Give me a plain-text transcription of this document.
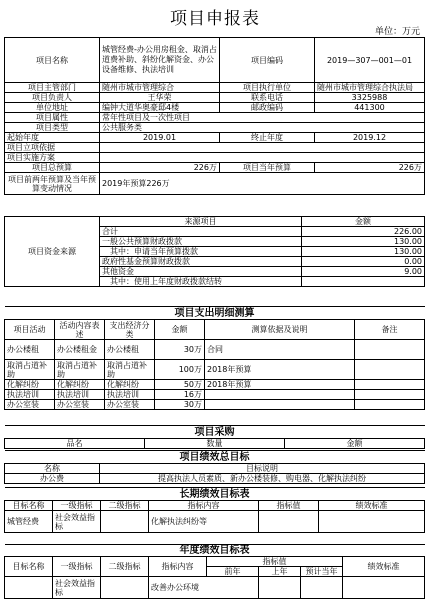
项目申报表
单位：万元
项目名称	城管经费-办公用房租金、取消占道费补助、斜纷化解资金、办公设备维修、执法培训	项目编码	2019—307—001—01
项目主管部门	随州市城市管理综合	项目执行单位	随州市城市管理综合执法局
项目负责人	王华荣	联系电话	3325988
单位地址	编钟大道华奥豪邸4楼	邮政编码	441300
项目属性	常年性项目及一次性项目		
项目类型	公共服务类		
起始年度	2019.01	终止年度	2019.12
项目立项依据			
项目实施方案			
项目总预算	226万	项目当年预算	226万
项目前两年预算及当年预算变动情况	2019年预算226万		
项目资金来源	来源项目	金额
	合计	226.00
	一般公共预算财政拨款	130.00
	其中：申请当年预算拨款	130.00
	政府性基金预算财政拨款	0.00
	其他资金	9.00
	其中：使用上年度财政拨款结转	
项目支出明细测算					
项目活动	活动内容表述	支出经济分类	金额	测算依据及说明	备注
办公楼租	办公楼租金	办公楼租	30万	合同	
取消占道补助	取消占道补助	取消占道补助	100万	2018年预算	
化解纠纷	化解纠纷	化解纠纷	50万	2018年预算	
执法培训	执法培训	执法培训	16万		
办公室装	办公室装	办公室装	30万		
项目采购
品名	数量	金额
项目绩效总目标	
名称	目标说明
办公费	提高执法人员素质、新办公楼装修、购电器、化解执法纠纷
长期绩效目标表					
目标名称	一级指标	二级指标	指标内容	指标值	绩效标准
城管经费	社会效益指标		化解执法纠纷等		
年度绩效目标表							
目标名称	一级指标	二级指标	指标内容	指标值			绩效标准
				前年	上年	预计当年	
	社会效益指标		改善办公环境				
